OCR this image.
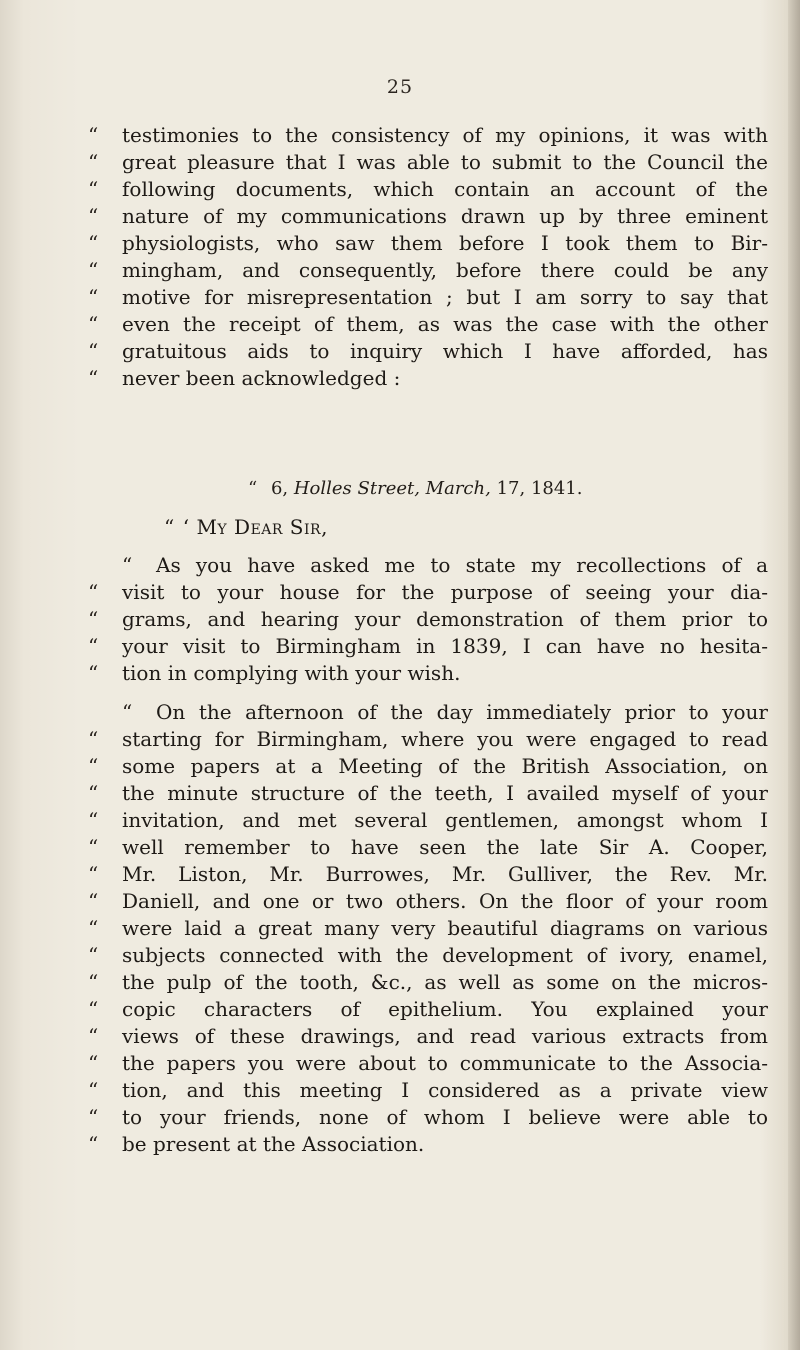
25
“ testimonies to the consistency of my opinions, it was with
“ great pleasure that I was able to submit to the Council the
“ following documents, which contain an account of the
“ nature of my communications drawn up by three eminent
“ physiologists, who saw them before I took them to Bir-
“ mingham, and consequently, before there could be any
“ motive for misrepresentation ; but I am sorry to say that
“ even the receipt of them, as was the case with the other
“ gratuitous aids to inquiry which I have afforded, has
“ never been acknowledged :
“ 6, Holles Street, March, 17, 1841.
“ ‘ My Dear Sir,
“ As you have asked me to state my recollections of a
“ visit to your house for the purpose of seeing your dia-
“ grams, and hearing your demonstration of them prior to
“ your visit to Birmingham in 1839, I can have no hesita-
“ tion in complying with your wish.
“ On the afternoon of the day immediately prior to your
“ starting for Birmingham, where you were engaged to read
“ some papers at a Meeting of the British Association, on
“ the minute structure of the teeth, I availed myself of your
“ invitation, and met several gentlemen, amongst whom I
“ well remember to have seen the late Sir A. Cooper,
“ Mr. Liston, Mr. Burrowes, Mr. Gulliver, the Rev. Mr.
“ Daniell, and one or two others. On the floor of your room
“ were laid a great many very beautiful diagrams on various
“ subjects connected with the development of ivory, enamel,
“ the pulp of the tooth, &c., as well as some on the micros-
“ copic characters of epithelium. You explained your
“ views of these drawings, and read various extracts from
“ the papers you were about to communicate to the Associa-
“ tion, and this meeting I considered as a private view
“ to your friends, none of whom I believe were able to
“ be present at the Association.
